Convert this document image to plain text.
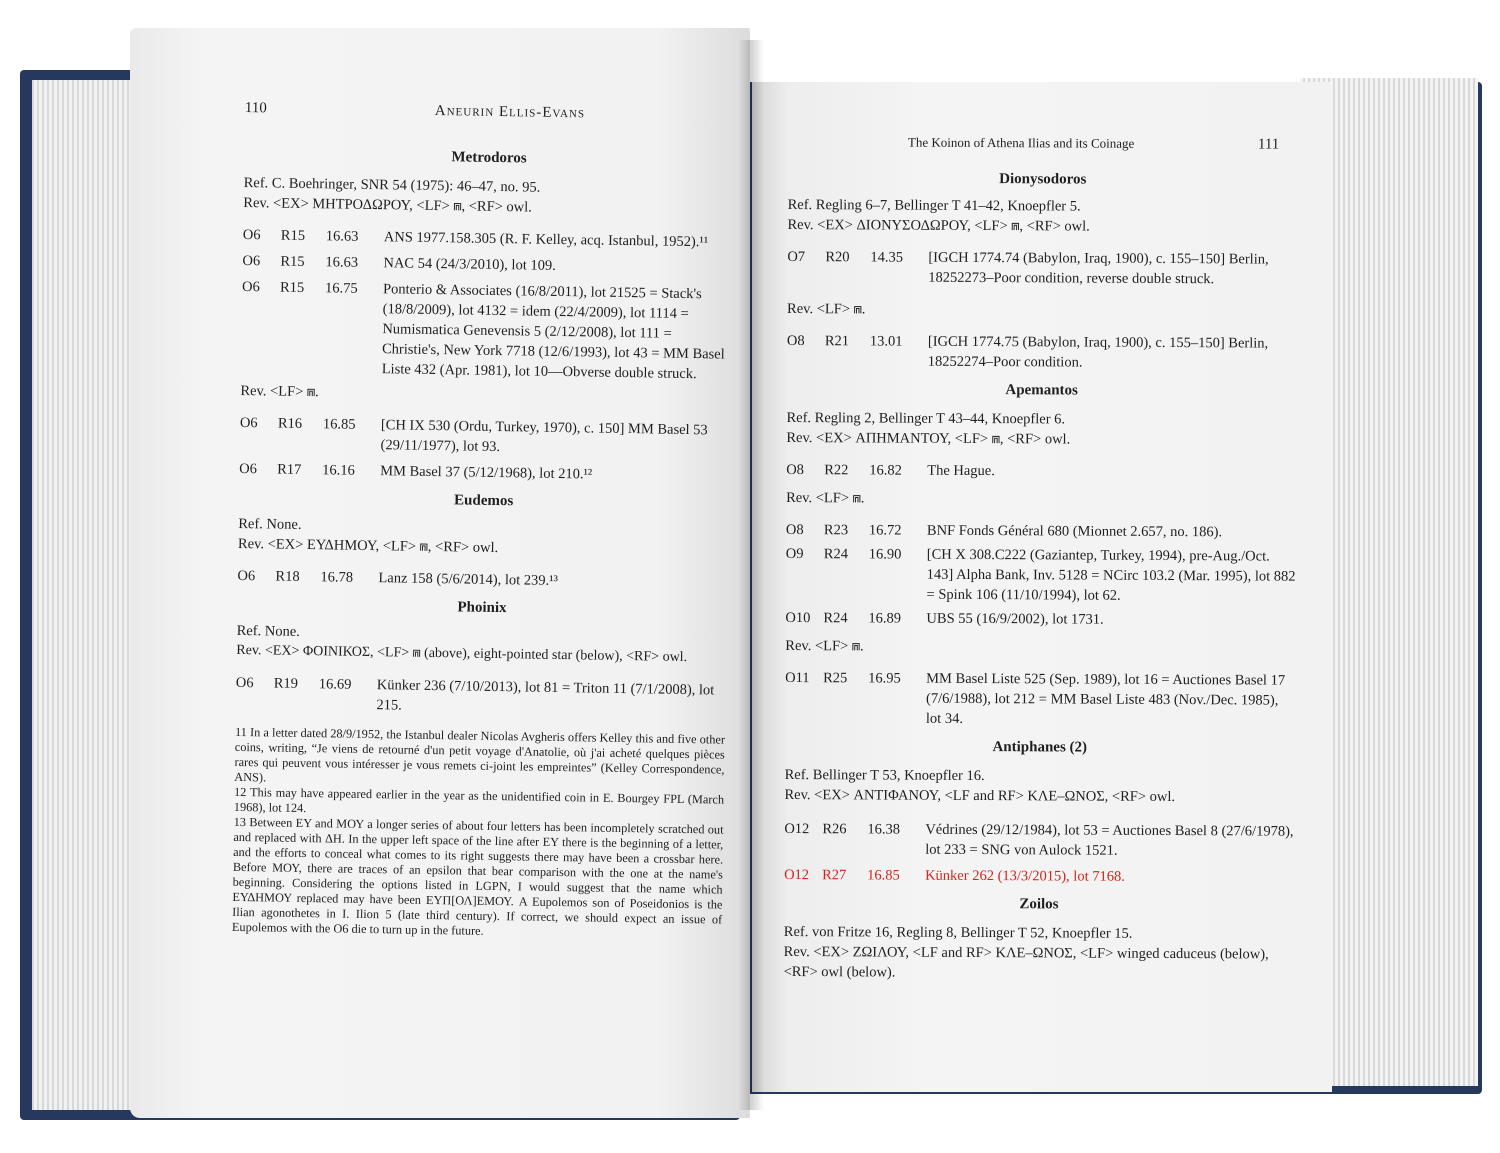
110	Aneurin Ellis-Evans
Metrodoros
Ref. C. Boehringer, SNR 54 (1975): 46–47, no. 95.
Rev. <EX> ΜΗΤΡΟΔΩΡΟΥ, <LF> ⩎, <RF> owl.
O6	R15	16.63	ANS 1977.158.305 (R. F. Kelley, acq. Istanbul, 1952).¹¹
O6	R15	16.63	NAC 54 (24/3/2010), lot 109.
O6	R15	16.75	Ponterio & Associates (16/8/2011), lot 21525 = Stack's (18/8/2009), lot 4132 = idem (22/4/2009), lot 1114 = Numismatica Genevensis 5 (2/12/2008), lot 111 = Christie's, New York 7718 (12/6/1993), lot 43 = MM Basel Liste 432 (Apr. 1981), lot 10—Obverse double struck.
Rev. <LF> ⩎.
O6	R16	16.85	[CH IX 530 (Ordu, Turkey, 1970), c. 150] MM Basel 53 (29/11/1977), lot 93.
O6	R17	16.16	MM Basel 37 (5/12/1968), lot 210.¹²
Eudemos
Ref. None.
Rev. <EX> ΕΥΔΗΜΟΥ, <LF> ⩎, <RF> owl.
O6	R18	16.78	Lanz 158 (5/6/2014), lot 239.¹³
Phoinix
Ref. None.
Rev. <EX> ΦΟΙΝΙΚΟΣ, <LF> ⩎ (above), eight-pointed star (below), <RF> owl.
O6	R19	16.69	Künker 236 (7/10/2013), lot 81 = Triton 11 (7/1/2008), lot 215.
11 In a letter dated 28/9/1952, the Istanbul dealer Nicolas Avgheris offers Kelley this and five other coins, writing, “Je viens de retourné d'un petit voyage d'Anatolie, où j'ai acheté quelques pièces rares qui peuvent vous intéresser je vous remets ci-joint les empreintes” (Kelley Correspondence, ANS).
12 This may have appeared earlier in the year as the unidentified coin in E. Bourgey FPL (March 1968), lot 124.
13 Between ΕΥ and ΜΟΥ a longer series of about four letters has been incompletely scratched out and replaced with ΔΗ. In the upper left space of the line after ΕΥ there is the beginning of a letter, and the efforts to conceal what comes to its right suggests there may have been a crossbar here. Before ΜΟΥ, there are traces of an epsilon that bear comparison with the one at the name's beginning. Considering the options listed in LGPN, I would suggest that the name which ΕΥΔΗΜΟΥ replaced may have been ΕΥΠ[ΟΛ]ΕΜΟΥ. A Eupolemos son of Poseidonios is the Ilian agonothetes in I. Ilion 5 (late third century). If correct, we should expect an issue of Eupolemos with the O6 die to turn up in the future.
The Koinon of Athena Ilias and its Coinage	111
Dionysodoros
Ref. Regling 6–7, Bellinger T 41–42, Knoepfler 5.
Rev. <EX> ΔΙΟΝΥΣΟΔΩΡΟΥ, <LF> ⩎, <RF> owl.
O7	R20	14.35	[IGCH 1774.74 (Babylon, Iraq, 1900), c. 155–150] Berlin, 18252273–Poor condition, reverse double struck.
Rev. <LF> ⩎.
O8	R21	13.01	[IGCH 1774.75 (Babylon, Iraq, 1900), c. 155–150] Berlin, 18252274–Poor condition.
Apemantos
Ref. Regling 2, Bellinger T 43–44, Knoepfler 6.
Rev. <EX> ΑΠΗΜΑΝΤΟΥ, <LF> ⩎, <RF> owl.
O8	R22	16.82	The Hague.
Rev. <LF> ⩎.
O8	R23	16.72	BNF Fonds Général 680 (Mionnet 2.657, no. 186).
O9	R24	16.90	[CH X 308.C222 (Gaziantep, Turkey, 1994), pre-Aug./Oct. 143] Alpha Bank, Inv. 5128 = NCirc 103.2 (Mar. 1995), lot 882 = Spink 106 (11/10/1994), lot 62.
O10 R24	16.89	UBS 55 (16/9/2002), lot 1731.
Rev. <LF> ⩎.
O11 R25	16.95	MM Basel Liste 525 (Sep. 1989), lot 16 = Auctiones Basel 17 (7/6/1988), lot 212 = MM Basel Liste 483 (Nov./Dec. 1985), lot 34.
Antiphanes (2)
Ref. Bellinger T 53, Knoepfler 16.
Rev. <EX> ΑΝΤΙΦΑΝΟΥ, <LF and RF> ΚΛΕ–ΩΝΟΣ, <RF> owl.
O12 R26	16.38	Védrines (29/12/1984), lot 53 = Auctiones Basel 8 (27/6/1978), lot 233 = SNG von Aulock 1521.
O12 R27	16.85	Künker 262 (13/3/2015), lot 7168.
Zoilos
Ref. von Fritze 16, Regling 8, Bellinger T 52, Knoepfler 15.
Rev. <EX> ΖΩΙΛΟΥ, <LF and RF> ΚΛΕ–ΩΝΟΣ, <LF> winged caduceus (below), <RF> owl (below).
